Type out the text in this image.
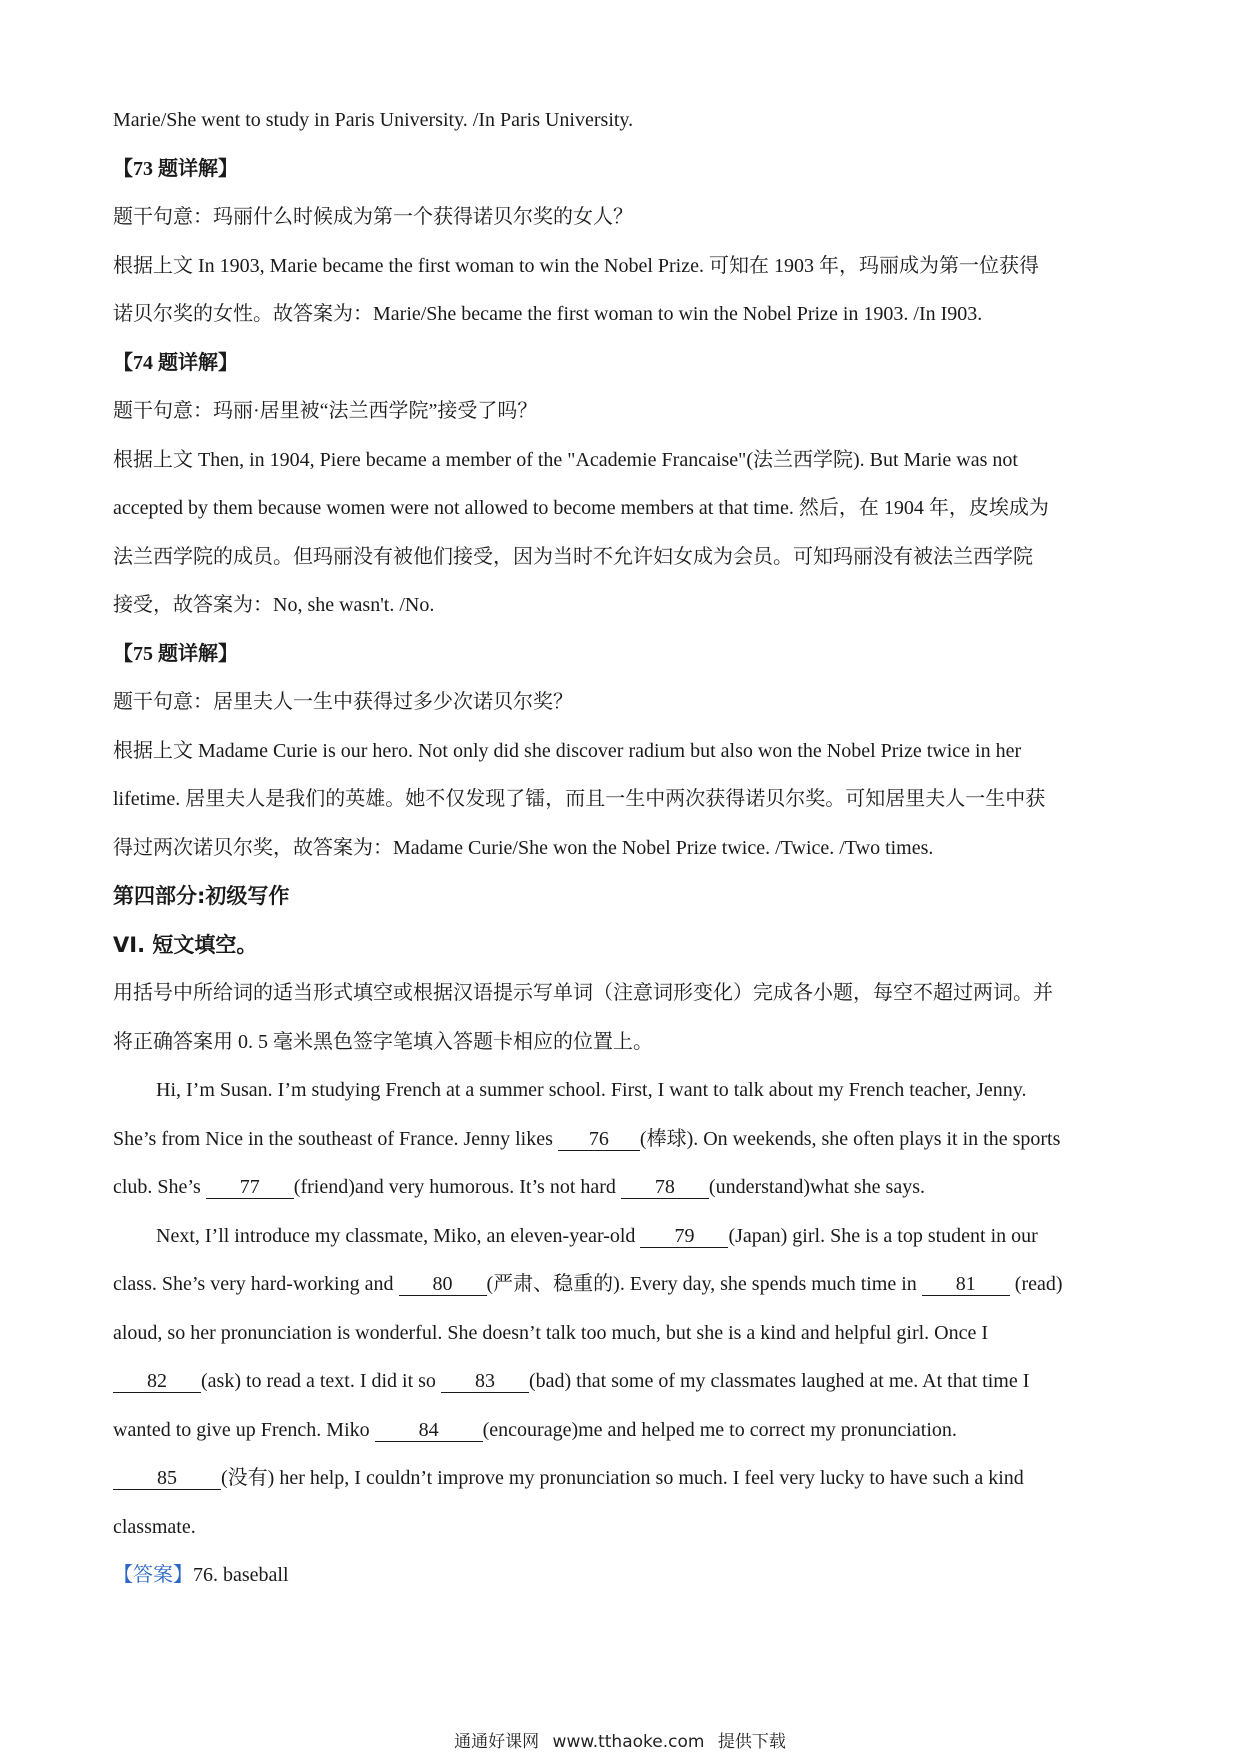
Marie/She went to study in Paris University. /In Paris University.
【73 题详解】
题干句意：玛丽什么时候成为第一个获得诺贝尔奖的女人？
根据上文 In 1903, Marie became the first woman to win the Nobel Prize. 可知在 1903 年，玛丽成为第一位获得
诺贝尔奖的女性。故答案为：Marie/She became the first woman to win the Nobel Prize in 1903. /In I903.
【74 题详解】
题干句意：玛丽·居里被“法兰西学院”接受了吗？
根据上文 Then, in 1904, Piere became a member of the "Academie Francaise"(法兰西学院). But Marie was not
accepted by them because women were not allowed to become members at that time. 然后，在 1904 年，皮埃成为
法兰西学院的成员。但玛丽没有被他们接受，因为当时不允许妇女成为会员。可知玛丽没有被法兰西学院
接受，故答案为：No, she wasn't. /No.
【75 题详解】
题干句意：居里夫人一生中获得过多少次诺贝尔奖？
根据上文 Madame Curie is our hero. Not only did she discover radium but also won the Nobel Prize twice in her
lifetime. 居里夫人是我们的英雄。她不仅发现了镭，而且一生中两次获得诺贝尔奖。可知居里夫人一生中获
得过两次诺贝尔奖，故答案为：Madame Curie/She won the Nobel Prize twice. /Twice. /Two times.
第四部分:初级写作
VI. 短文填空。
用括号中所给词的适当形式填空或根据汉语提示写单词（注意词形变化）完成各小题，每空不超过两词。并
将正确答案用 0. 5 毫米黑色签字笔填入答题卡相应的位置上。
Hi, I’m Susan. I’m studying French at a summer school. First, I want to talk about my French teacher, Jenny.
She’s from Nice in the southeast of France. Jenny likes 76 (棒球). On weekends, she often plays it in the sports
club. She’s 77 (friend)and very humorous. It’s not hard 78 (understand)what she says.
Next, I’ll introduce my classmate, Miko, an eleven-year-old 79 (Japan) girl. She is a top student in our
class. She’s very hard-working and 80 (严肃、稳重的). Every day, she spends much time in 81 (read)
aloud, so her pronunciation is wonderful. She doesn’t talk too much, but she is a kind and helpful girl. Once I
82 (ask) to read a text. I did it so 83 (bad) that some of my classmates laughed at me. At that time I
wanted to give up French. Miko 84 (encourage)me and helped me to correct my pronunciation.
85 (没有) her help, I couldn’t improve my pronunciation so much. I feel very lucky to have such a kind
classmate.
【答案】76. baseball
通通好课网 www.tthaoke.com 提供下载
